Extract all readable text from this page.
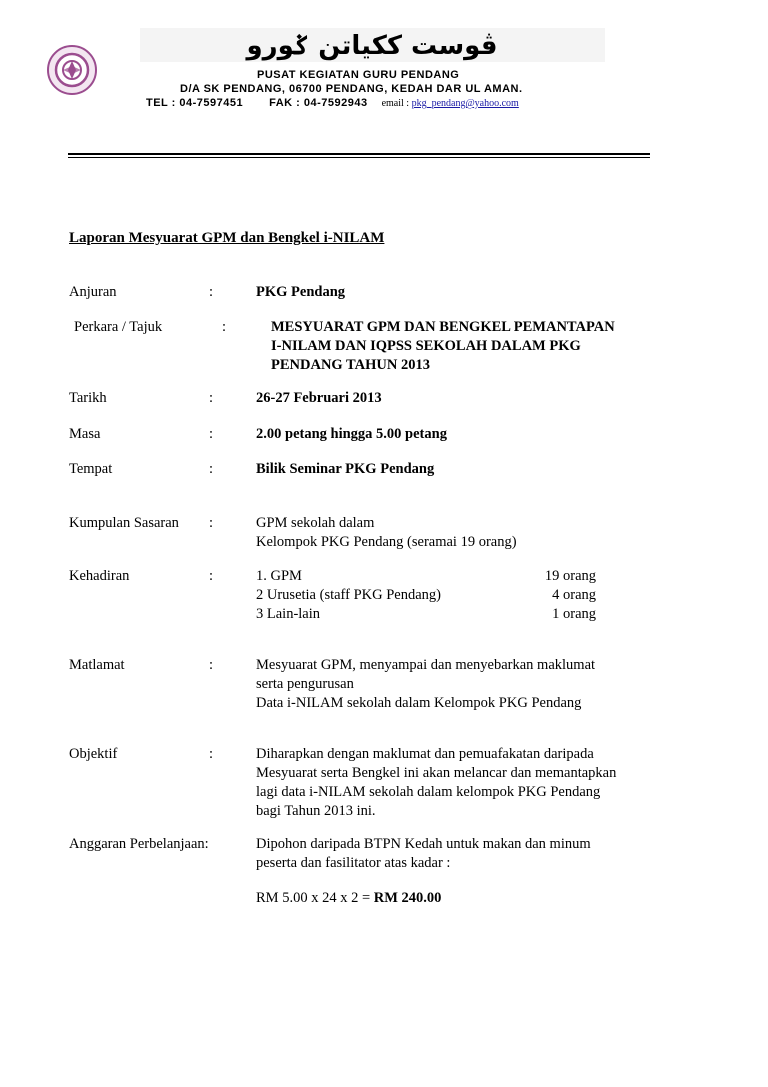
ڤوست ككياتن ݢورو
PUSAT KEGIATAN GURU PENDANG
D/A SK PENDANG, 06700 PENDANG, KEDAH DAR UL AMAN.
TEL : 04-7597451 FAK : 04-7592943 email : pkg_pendang@yahoo.com
Laporan Mesyuarat GPM dan Bengkel i-NILAM
Anjuran	:	PKG Pendang
Perkara / Tajuk	:	MESYUARAT GPM DAN BENGKEL PEMANTAPAN
I-NILAM DAN IQPSS SEKOLAH DALAM PKG
PENDANG TAHUN 2013
Tarikh	:	26-27 Februari 2013
Masa	:	2.00 petang hingga 5.00 petang
Tempat	:	Bilik Seminar PKG Pendang
Kumpulan Sasaran :	GPM sekolah dalam
Kelompok PKG Pendang (seramai 19 orang)
Kehadiran	:	1. GPM	19 orang
2 Urusetia (staff PKG Pendang)	4 orang
3 Lain-lain	1 orang
Matlamat	:	Mesyuarat GPM, menyampai dan menyebarkan maklumat
serta pengurusan
Data i-NILAM sekolah dalam Kelompok PKG Pendang
Objektif	:	Diharapkan dengan maklumat dan pemuafakatan daripada
Mesyuarat serta Bengkel ini akan melancar dan memantapkan
lagi data i-NILAM sekolah dalam kelompok PKG Pendang
bagi Tahun 2013 ini.
Anggaran Perbelanjaan:	Dipohon daripada BTPN Kedah untuk makan dan minum
peserta dan fasilitator atas kadar :
RM 5.00 x 24 x 2 = RM 240.00
